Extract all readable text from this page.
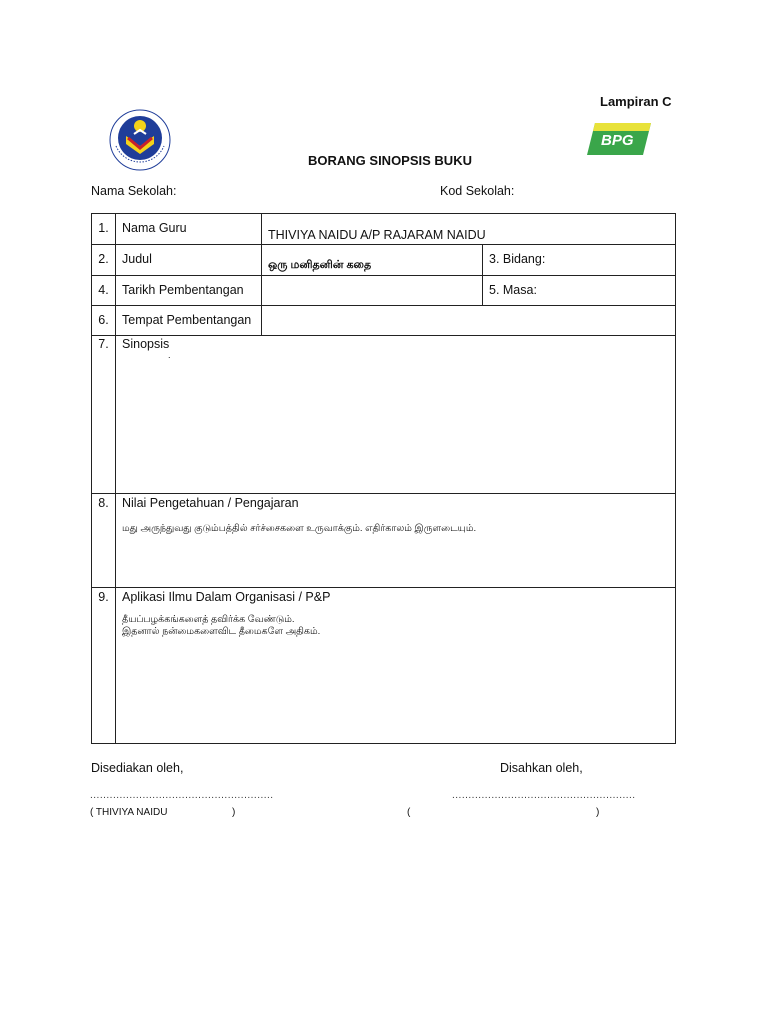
Lampiran C
BPG
BORANG SINOPSIS BUKU
Nama Sekolah:	Kod Sekolah:
1.	Nama Guru	THIVIYA NAIDU A/P RAJARAM NAIDU	

2.	Judul	ஒரு மனிதனின் கதை	3. Bidang:

4.	Tarikh Pembentangan		5. Masa:

6.	Tempat Pembentangan		

7.	Sinopsis
.		

8.	Nilai Pengetahuan / Pengajaran
மது அருந்துவது குடும்பத்தில் சர்ச்சைகளை உருவாக்கும். எதிர்காலம் இருளடையும்.		

9.	Aplikasi Ilmu Dalam Organisasi / P&P
தீயப்பழக்கங்களைத் தவிர்க்க வேண்டும்.
இதனால் நன்மைகளைவிட தீமைகளே அதிகம்.		
Disediakan oleh,	Disahkan oleh,
........................................................	........................................................
( THIVIYA NAIDU	)	(	)
